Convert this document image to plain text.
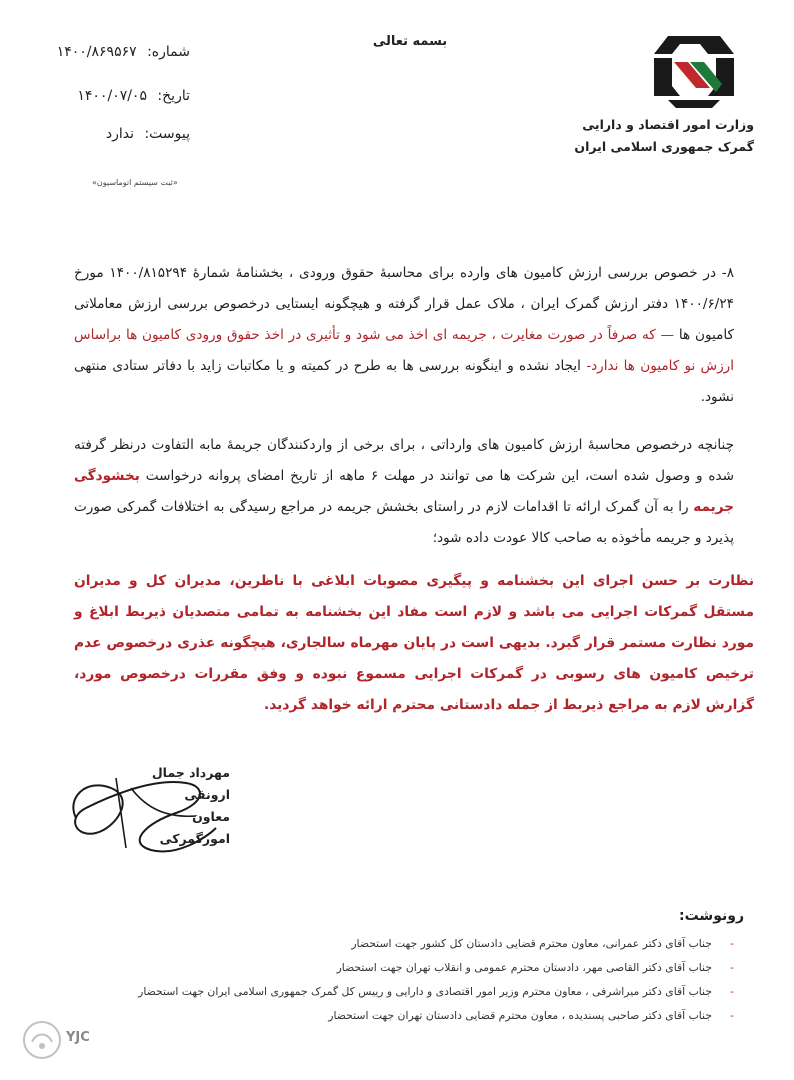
بسمه تعالی
وزارت امور اقتصاد و دارایی
گمرک جمهوری اسلامی ایران
شماره: ۱۴۰۰/۸۶۹۵۶۷
تاریخ: ۱۴۰۰/۰۷/۰۵
پیوست: ندارد
«ثبت سیستم اتوماسیون»
۸- در خصوص بررسی ارزش کامیون های وارده برای محاسبهٔ حقوق ورودی ، بخشنامهٔ شمارهٔ ۱۴۰۰/۸۱۵۲۹۴ مورخ ۱۴۰۰/۶/۲۴ دفتر ارزش گمرک ایران ، ملاک عمل قرار گرفته و هیچگونه ایستایی درخصوص بررسی ارزش معاملاتی کامیون ها — که صرفاً در صورت مغایرت ، جریمه ای اخذ می شود و تأثیری در اخذ حقوق ورودی کامیون ها براساس ارزش نو کامیون ها ندارد- ایجاد نشده و اینگونه بررسی ها به طرح در کمیته و یا مکاتبات زاید با دفاتر ستادی منتهی نشود.
چنانچه درخصوص محاسبهٔ ارزش کامیون های وارداتی ، برای برخی از واردکنندگان جریمهٔ مابه التفاوت درنظر گرفته شده و وصول شده است، این شرکت ها می توانند در مهلت ۶ ماهه از تاریخ امضای پروانه درخواست بخشودگی جریمه را به آن گمرک ارائه تا اقدامات لازم در راستای بخشش جریمه در مراجع رسیدگی به اختلافات گمرکی صورت پذیرد و جریمه مأخوذه به صاحب کالا عودت داده شود؛
نظارت بر حسن اجرای این بخشنامه و پیگیری مصوبات ابلاغی با ناظرین، مدیران کل و مدیران مستقل گمرکات اجرایی می باشد و لازم است مفاد این بخشنامه به تمامی متصدیان ذیربط ابلاغ و مورد نظارت مستمر قرار گیرد. بدیهی است در پایان مهرماه سالجاری، هیچگونه عذری درخصوص عدم ترخیص کامیون های رسوبی در گمرکات اجرایی مسموع نبوده و وفق مقررات درخصوص مورد، گزارش لازم به مراجع ذیربط از جمله دادستانی محترم ارائه خواهد گردید.
مهرداد جمال ارونقی
معاون امورگمرکی
رونوشت:
-جناب آقای دکتر عمرانی، معاون محترم قضایی دادستان کل کشور جهت استحضار
-جناب آقای دکتر القاصی مهر، دادستان محترم عمومی و انقلاب تهران جهت استحضار
-جناب آقای دکتر میراشرفی ، معاون محترم وزیر امور اقتصادی و دارایی و رییس کل گمرک جمهوری اسلامی ایران جهت استحضار
-جناب آقای دکتر صاحبی پسندیده ، معاون محترم قضایی دادستان تهران جهت استحضار
YJC
